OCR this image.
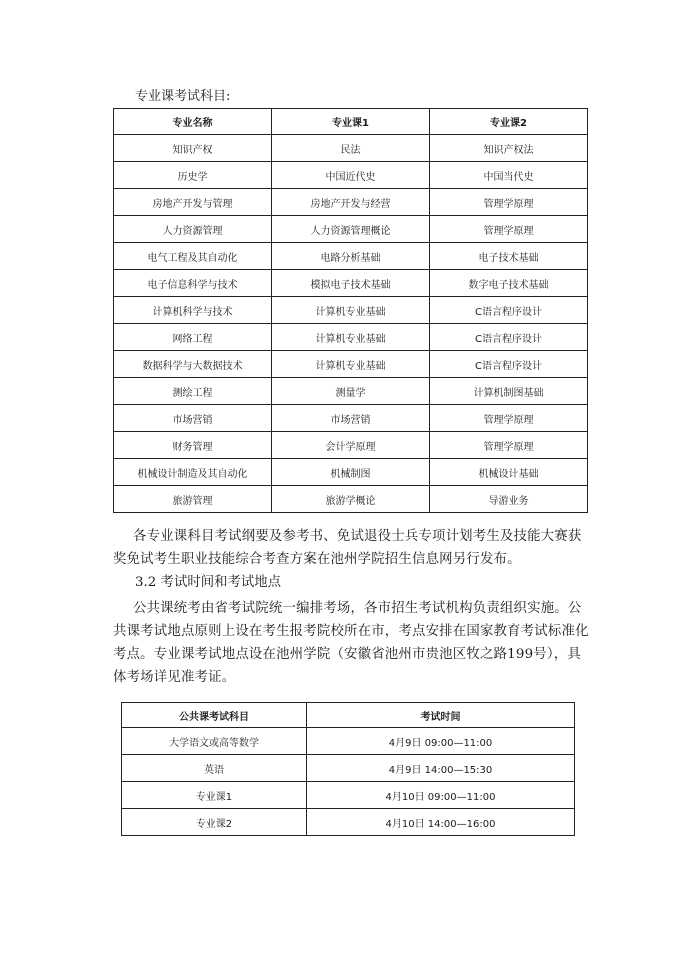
专业课考试科目:
专业名称	专业课1	专业课2
知识产权	民法	知识产权法
历史学	中国近代史	中国当代史
房地产开发与管理	房地产开发与经营	管理学原理
人力资源管理	人力资源管理概论	管理学原理
电气工程及其自动化	电路分析基础	电子技术基础
电子信息科学与技术	模拟电子技术基础	数字电子技术基础
计算机科学与技术	计算机专业基础	C语言程序设计
网络工程	计算机专业基础	C语言程序设计
数据科学与大数据技术	计算机专业基础	C语言程序设计
测绘工程	测量学	计算机制图基础
市场营销	市场营销	管理学原理
财务管理	会计学原理	管理学原理
机械设计制造及其自动化	机械制图	机械设计基础
旅游管理	旅游学概论	导游业务

各专业课科目考试纲要及参考书、免试退役士兵专项计划考生及技能大赛获奖免试考生职业技能综合考查方案在池州学院招生信息网另行发布。

3.2 考试时间和考试地点

公共课统考由省考试院统一编排考场，各市招生考试机构负责组织实施。公共课考试地点原则上设在考生报考院校所在市，考点安排在国家教育考试标准化考点。专业课考试地点设在池州学院（安徽省池州市贵池区牧之路199号），具体考场详见准考证。

公共课考试科目	考试时间
大学语文或高等数学	4月9日 09:00—11:00
英语	4月9日 14:00—15:30
专业课1	4月10日 09:00—11:00
专业课2	4月10日 14:00—16:00
